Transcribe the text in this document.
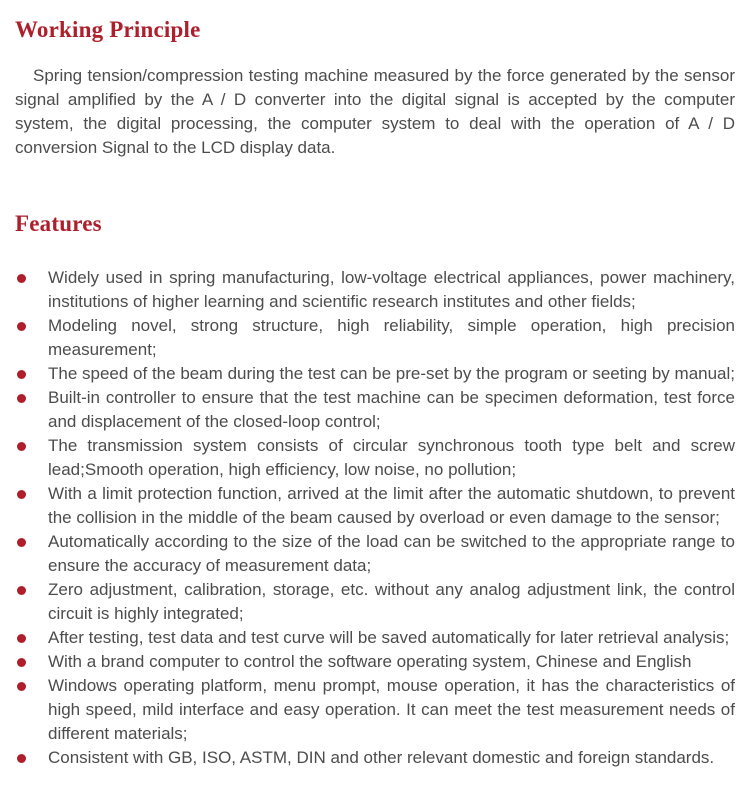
Working Principle

Spring tension/compression testing machine measured by the force generated by the sensor signal amplified by the A / D converter into the digital signal is accepted by the computer system, the digital processing, the computer system to deal with the operation of A / D conversion Signal to the LCD display data.

Features
Widely used in spring manufacturing, low-voltage electrical appliances, power machinery, institutions of higher learning and scientific research institutes and other fields;
Modeling novel, strong structure, high reliability, simple operation, high precision measurement;
The speed of the beam during the test can be pre-set by the program or seeting by manual;
Built-in controller to ensure that the test machine can be specimen deformation, test force and displacement of the closed-loop control;
The transmission system consists of circular synchronous tooth type belt and screw lead;Smooth operation, high efficiency, low noise, no pollution;
With a limit protection function, arrived at the limit after the automatic shutdown, to prevent the collision in the middle of the beam caused by overload or even damage to the sensor;
Automatically according to the size of the load can be switched to the appropriate range to ensure the accuracy of measurement data;
Zero adjustment, calibration, storage, etc. without any analog adjustment link, the control circuit is highly integrated;
After testing, test data and test curve will be saved automatically for later retrieval analysis;
With a brand computer to control the software operating system, Chinese and English
Windows operating platform, menu prompt, mouse operation, it has the characteristics of high speed, mild interface and easy operation. It can meet the test measurement needs of different materials;
Consistent with GB, ISO, ASTM, DIN and other relevant domestic and foreign standards.
